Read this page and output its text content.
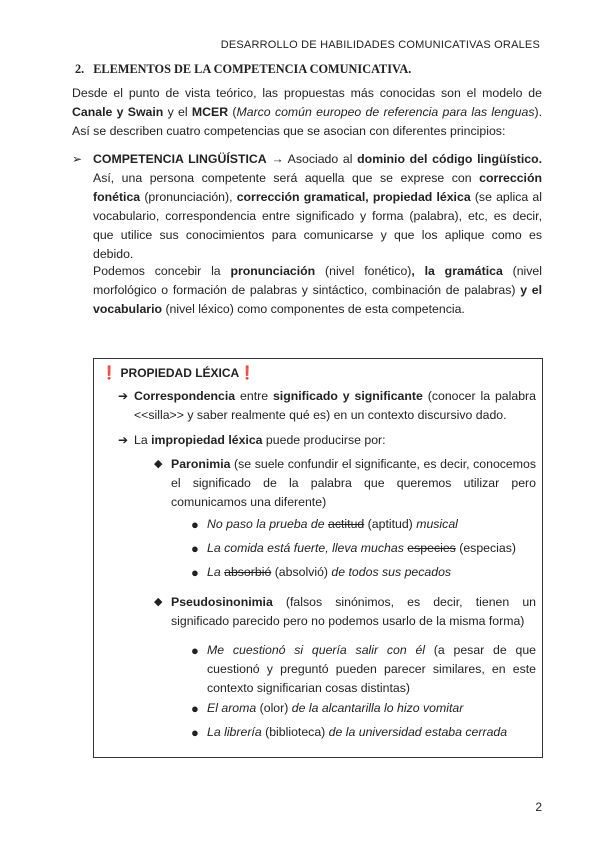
DESARROLLO DE HABILIDADES COMUNICATIVAS ORALES
2. ELEMENTOS DE LA COMPETENCIA COMUNICATIVA.

Desde el punto de vista teórico, las propuestas más conocidas son el modelo de Canale y Swain y el MCER (Marco común europeo de referencia para las lenguas). Así se describen cuatro competencias que se asocian con diferentes principios:

➢ COMPETENCIA LINGÜÍSTICA → Asociado al dominio del código lingüístico. Así, una persona competente será aquella que se exprese con corrección fonética (pronunciación), corrección gramatical, propiedad léxica (se aplica al vocabulario, correspondencia entre significado y forma (palabra), etc, es decir, que utilice sus conocimientos para comunicarse y que los aplique como es debido.

Podemos concebir la pronunciación (nivel fonético), la gramática (nivel morfológico o formación de palabras y sintáctico, combinación de palabras) y el vocabulario (nivel léxico) como componentes de esta competencia.

❗ PROPIEDAD LÉXICA❗
➔ Correspondencia entre significado y significante (conocer la palabra <<silla>> y saber realmente qué es) en un contexto discursivo dado.

➔ La impropiedad léxica puede producirse por:

◆ Paronimia (se suele confundir el significante, es decir, conocemos el significado de la palabra que queremos utilizar pero comunicamos una diferente)

● No paso la prueba de actitud (aptitud) musical

● La comida está fuerte, lleva muchas especies (especias)

● La absorbió (absolvió) de todos sus pecados

◆ Pseudosinonimia (falsos sinónimos, es decir, tienen un significado parecido pero no podemos usarlo de la misma forma)

● Me cuestionó si quería salir con él (a pesar de que cuestionó y preguntó pueden parecer similares, en este contexto significarian cosas distintas)

● El aroma (olor) de la alcantarilla lo hizo vomitar

● La librería (biblioteca) de la universidad estaba cerrada

2
